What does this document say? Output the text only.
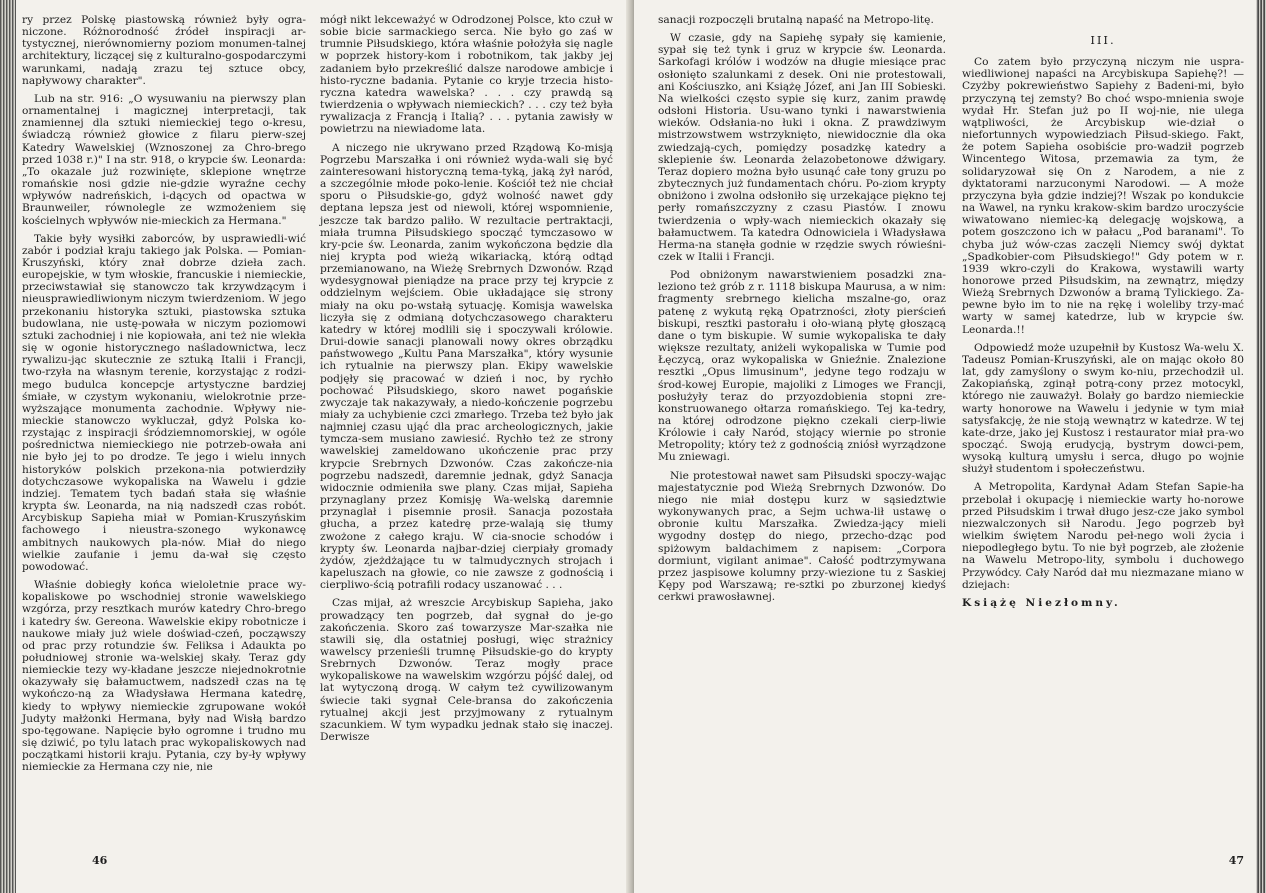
ry przez Polskę piastowską również były ogra-niczone. Różnorodność źródeł inspiracji ar-tystycznej, nierównomierny poziom monumen-talnej architektury, liczącej się z kulturalno-gospodarczymi warunkami, nadają zrazu tej sztuce obcy, napływowy charakter".

Lub na str. 916: „O wysuwaniu na pierwszy plan ornamentalnej i magicznej interpretacji, tak znamiennej dla sztuki niemieckiej tego o-kresu, świadczą również głowice z filaru pierw-szej Katedry Wawelskiej (Wznoszonej za Chro-brego przed 1038 r.)" I na str. 918, o krypcie św. Leonarda: „To okazale już rozwinięte, sklepione wnętrze romańskie nosi gdzie nie-gdzie wyraźne cechy wpływów nadreńskich, i-dących od opactwa w Braunweiler, równolegle ze wzmożeniem się kościelnych wpływów nie-mieckich za Hermana."

Takie były wysiłki zaborców, by usprawiedli-wić zabór i podział kraju takiego jak Polska. — Pomian-Kruszyński, który znał dobrze dzieła zach. europejskie, w tym włoskie, francuskie i niemieckie, przeciwstawiał się stanowczo tak krzywdzącym i nieusprawiedliwionym niczym twierdzeniom. W jego przekonaniu historyka sztuki, piastowska sztuka budowlana, nie ustę-powała w niczym poziomowi sztuki zachodniej i nie kopiowała, ani też nie wlekła się w ogonie historycznego naśladownictwa, lecz rywalizu-jąc skutecznie ze sztuką Italii i Francji, two-rzyła na własnym terenie, korzystając z rodzi-mego budulca koncepcje artystyczne bardziej śmiałe, w czystym wykonaniu, wielokrotnie prze-wyższające monumenta zachodnie. Wpływy nie-mieckie stanowczo wykluczał, gdyż Polska ko-rzystając z inspiracji śródziemnomorskiej, w ogóle pośrednictwa niemieckiego nie potrzeb-owała ani nie było jej to po drodze. Te jego i wielu innych historyków polskich przekona-nia potwierdziły dotychczasowe wykopaliska na Wawelu i gdzie indziej. Tematem tych badań stała się właśnie krypta św. Leonarda, na nią nadszedł czas robót. Arcybiskup Sapieha miał w Pomian-Kruszyńskim fachowego i nieustra-szonego wykonawcę ambitnych naukowych pla-nów. Miał do niego wielkie zaufanie i jemu da-wał się często powodować.

Właśnie dobiegły końca wieloletnie prace wy-kopaliskowe po wschodniej stronie wawelskiego wzgórza, przy resztkach murów katedry Chro-brego i katedry św. Gereona. Wawelskie ekipy robotnicze i naukowe miały już wiele doświad-czeń, począwszy od prac przy rotundzie św. Feliksa i Adaukta po południowej stronie wa-welskiej skały. Teraz gdy niemieckie tezy wy-kładane jeszcze niejednokrotnie okazywały się bałamuctwem, nadszedł czas na tę wykończo-ną za Władysława Hermana katedrę, kiedy to wpływy niemieckie zgrupowane wokół Judyty małżonki Hermana, były nad Wisłą bardzo spo-tęgowane. Napięcie było ogromne i trudno mu się dziwić, po tylu latach prac wykopaliskowych nad początkami historii kraju. Pytania, czy by-ły wpływy niemieckie za Hermana czy nie, nie

mógł nikt lekceważyć w Odrodzonej Polsce, kto czuł w sobie bicie sarmackiego serca. Nie było go zaś w trumnie Piłsudskiego, która właśnie położyła się nagle w poprzek history-kom i robotnikom, tak jakby jej zadaniem było przekreślić dalsze narodowe ambicje i histo-ryczne badania. Pytanie co kryje trzecia histo-ryczna katedra wawelska? . . . czy prawdą są twierdzenia o wpływach niemieckich? . . . czy też była rywalizacja z Francją i Italią? . . . pytania zawisły w powietrzu na niewiadome lata.

A niczego nie ukrywano przed Rządową Ko-misją Pogrzebu Marszałka i oni również wyda-wali się być zainteresowani historyczną tema-tyką, jaką żył naród, a szczególnie młode poko-lenie. Kościół też nie chciał sporu o Piłsudskie-go, gdyż wolność nawet gdy deptana lepsza jest od niewoli, której wspomnienie, jeszcze tak bardzo paliło. W rezultacie pertraktacji, miała trumna Piłsudskiego spocząć tymczasowo w kry-pcie św. Leonarda, zanim wykończona będzie dla niej krypta pod wieżą wikariacką, którą odtąd przemianowano, na Wieżę Srebrnych Dzwonów. Rząd wydesygnował pieniądze na prace przy tej krypcie z oddzielnym wejściem. Obie układające się strony miały na oku po-wstałą sytuację. Komisja wawelska liczyła się z odmianą dotychczasowego charakteru katedry w której modlili się i spoczywali królowie. Drui-dowie sanacji planowali nowy okres obrządku państwowego „Kultu Pana Marszałka", który wysunie ich rytualnie na pierwszy plan. Ekipy wawelskie podjęły się pracować w dzień i noc, by rychło pochować Piłsudskiego, skoro nawet pogańskie zwyczaje tak nakazywały, a niedo-kończenie pogrzebu miały za uchybienie czci zmarłego. Trzeba też było jak najmniej czasu ująć dla prac archeologicznych, jakie tymcza-sem musiano zawiesić. Rychło też ze strony wawelskiej zameldowano ukończenie prac przy krypcie Srebrnych Dzwonów. Czas zakończe-nia pogrzebu nadszedł, daremnie jednak, gdyż Sanacja widocznie odmieniła swe plany. Czas mijał, Sapieha przynaglany przez Komisję Wa-welską daremnie przynaglał i pisemnie prosił. Sanacja pozostała głucha, a przez katedrę prze-walają się tłumy zwożone z całego kraju. W cia-snocie schodów i krypty św. Leonarda najbar-dziej cierpiały gromady żydów, zjeżdżające tu w talmudycznych strojach i kapeluszach na głowie, co nie zawsze z godnością i cierpliwo-ścią potrafili rodacy uszanować . . .

Czas mijał, aż wreszcie Arcybiskup Sapieha, jako prowadzący ten pogrzeb, dał sygnał do je-go zakończenia. Skoro zaś towarzysze Mar-szałka nie stawili się, dla ostatniej posługi, więc strażnicy wawelscy przenieśli trumnę Piłsudskie-go do krypty Srebrnych Dzwonów. Teraz mogły prace wykopaliskowe na wawelskim wzgórzu pójść dalej, od lat wytyczoną drogą. W całym też cywilizowanym świecie taki sygnał Cele-bransa do zakończenia rytualnej akcji jest przyjmowany z rytualnym szacunkiem. W tym wypadku jednak stało się inaczej. Derwisze

46

sanacji rozpoczęli brutalną napaść na Metropo-litę.

W czasie, gdy na Sapiehę sypały się kamienie, sypał się też tynk i gruz w krypcie św. Leonarda. Sarkofagi królów i wodzów na długie miesiące prac osłonięto szalunkami z desek. Oni nie protestowali, ani Kościuszko, ani Książę Józef, ani Jan III Sobieski. Na wielkości często sypie się kurz, zanim prawdę odsłoni Historia. Usu-wano tynki i nawarstwienia wieków. Odsłania-no łuki i okna. Z prawdziwym mistrzowstwem wstrzyknięto, niewidocznie dla oka zwiedzają-cych, pomiędzy posadzkę katedry a sklepienie św. Leonarda żelazobetonowe dźwigary. Teraz dopiero można było usunąć całe tony gruzu po zbytecznych już fundamentach chóru. Po-ziom krypty obniżono i zwolna odsłoniło się urzekające piękno tej perły romańszczyzny z czasu Piastów. I znowu twierdzenia o wpły-wach niemieckich okazały się bałamuctwem. Ta katedra Odnowiciela i Władysława Herma-na stanęła godnie w rzędzie swych rówieśni-czek w Italii i Francji.

Pod obniżonym nawarstwieniem posadzki zna-leziono też grób z r. 1118 biskupa Maurusa, a w nim: fragmenty srebrnego kielicha mszalne-go, oraz patenę z wykutą ręką Opatrzności, złoty pierścień biskupi, resztki pastorału i oło-wianą płytę głoszącą dane o tym biskupie. W sumie wykopaliska te dały większe rezultaty, aniżeli wykopaliska w Tumie pod Łęczycą, oraz wykopaliska w Gnieźnie. Znalezione resztki „Opus limusinum", jedyne tego rodzaju w środ-kowej Europie, majoliki z Limoges we Francji, posłużyły teraz do przyozdobienia stopni zre-konstruowanego ołtarza romańskiego. Tej ka-tedry, na której odrodzone piękno czekali cierp-liwie Królowie i cały Naród, stojący wiernie po stronie Metropolity; który też z godnością zniósł wyrządzone Mu zniewagi.

Nie protestował nawet sam Piłsudski spoczy-wając majestatycznie pod Wieżą Srebrnych Dzwonów. Do niego nie miał dostępu kurz w sąsiedztwie wykonywanych prac, a Sejm uchwa-lił ustawę o obronie kultu Marszałka. Zwiedza-jący mieli wygodny dostęp do niego, przecho-dząc pod spiżowym baldachimem z napisem: „Corpora dormiunt, vigilant animae". Całość podtrzymywana przez jaspisowe kolumny przy-wiezione tu z Saskiej Kępy pod Warszawą; re-sztki po zburzonej kiedyś cerkwi prawosławnej.

III.

Co zatem było przyczyną niczym nie uspra-wiedliwionej napaści na Arcybiskupa Sapiehę?! — Czyżby pokrewieństwo Sapiehy z Badeni-mi, było przyczyną tej zemsty? Bo choć wspo-mnienia swoje wydał Hr. Stefan już po II woj-nie, nie ulega wątpliwości, że Arcybiskup wie-dział o niefortunnych wypowiedziach Piłsud-skiego. Fakt, że potem Sapieha osobiście pro-wadził pogrzeb Wincentego Witosa, przemawia za tym, że solidaryzował się On z Narodem, a nie z dyktatorami narzuconymi Narodowi. — A może przyczyna była gdzie indziej?! Wszak po kondukcie na Wawel, na rynku krakow-skim bardzo uroczyście wiwatowano niemiec-ką delegację wojskową, a potem goszczono ich w pałacu „Pod baranami". To chyba już wów-czas zaczęli Niemcy swój dyktat „Spadkobier-com Piłsudskiego!" Gdy potem w r. 1939 wkro-czyli do Krakowa, wystawili warty honorowe przed Piłsudskim, na zewnątrz, między Wieżą Srebrnych Dzwonów a bramą Tylickiego. Za-pewne było im to nie na rękę i woleliby trzy-mać warty w samej katedrze, lub w krypcie św. Leonarda.!!

Odpowiedź może uzupełnił by Kustosz Wa-welu X. Tadeusz Pomian-Kruszyński, ale on mając około 80 lat, gdy zamyślony o swym ko-niu, przechodził ul. Zakopiańską, zginął potrą-cony przez motocykl, którego nie zauważył. Bolały go bardzo niemieckie warty honorowe na Wawelu i jedynie w tym miał satysfakcję, że nie stoją wewnątrz w katedrze. W tej kate-drze, jako jej Kustosz i restaurator miał pra-wo spocząć. Swoją erudycją, bystrym dowci-pem, wysoką kulturą umysłu i serca, długo po wojnie służył studentom i społeczeństwu.

A Metropolita, Kardynał Adam Stefan Sapie-ha przebolał i okupację i niemieckie warty ho-norowe przed Piłsudskim i trwał długo jesz-cze jako symbol niezwalczonych sił Narodu. Jego pogrzeb był wielkim świętem Narodu peł-nego woli życia i niepodległego bytu. To nie był pogrzeb, ale złożenie na Wawelu Metropo-lity, symbolu i duchowego Przywódcy. Cały Naród dał mu niezmazane miano w dziejach:

Książę Niezłomny.

47
